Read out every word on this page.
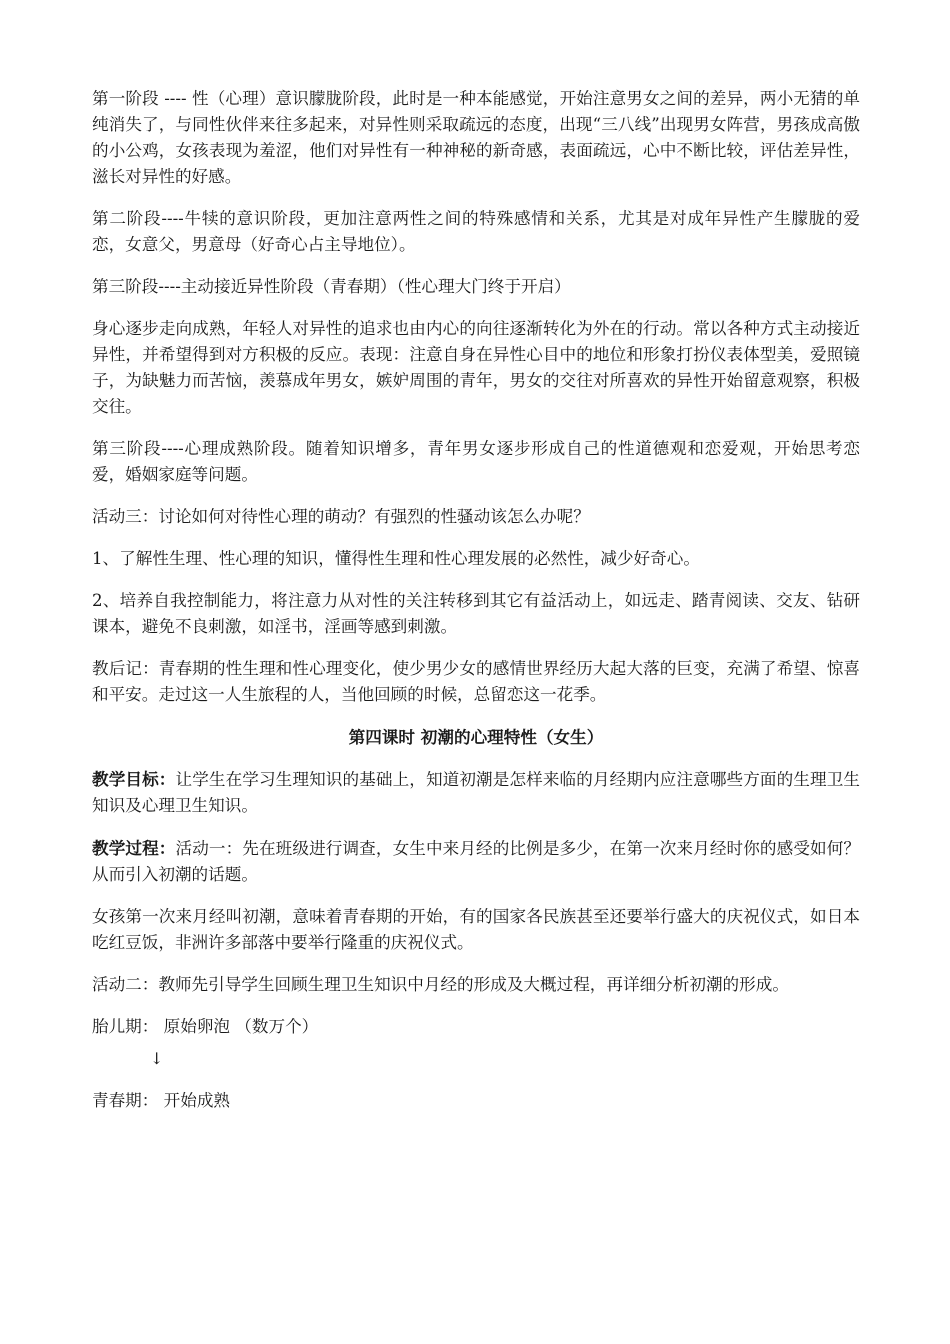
第一阶段 ---- 性（心理）意识朦胧阶段，此时是一种本能感觉，开始注意男女之间的差异，两小无猜的单纯消失了，与同性伙伴来往多起来，对异性则采取疏远的态度，出现“三八线”出现男女阵营，男孩成高傲的小公鸡，女孩表现为羞涩，他们对异性有一种神秘的新奇感，表面疏远，心中不断比较，评估差异性，滋长对异性的好感。

第二阶段----牛犊的意识阶段，更加注意两性之间的特殊感情和关系，尤其是对成年异性产生朦胧的爱恋，女意父，男意母（好奇心占主导地位）。

第三阶段----主动接近异性阶段（青春期）（性心理大门终于开启）

身心逐步走向成熟，年轻人对异性的追求也由内心的向往逐渐转化为外在的行动。常以各种方式主动接近异性，并希望得到对方积极的反应。表现：注意自身在异性心目中的地位和形象打扮仪表体型美，爱照镜子，为缺魅力而苦恼，羡慕成年男女，嫉妒周围的青年，男女的交往对所喜欢的异性开始留意观察，积极交往。

第三阶段----心理成熟阶段。随着知识增多，青年男女逐步形成自己的性道德观和恋爱观，开始思考恋爱，婚姻家庭等问题。

活动三：讨论如何对待性心理的萌动？有强烈的性骚动该怎么办呢？

1、了解性生理、性心理的知识，懂得性生理和性心理发展的必然性，减少好奇心。

2、培养自我控制能力，将注意力从对性的关注转移到其它有益活动上，如远走、踏青阅读、交友、钻研课本，避免不良刺激，如淫书，淫画等感到刺激。

教后记：青春期的性生理和性心理变化，使少男少女的感情世界经历大起大落的巨变，充满了希望、惊喜和平安。走过这一人生旅程的人，当他回顾的时候，总留恋这一花季。

第四课时 初潮的心理特性（女生）

教学目标：让学生在学习生理知识的基础上，知道初潮是怎样来临的月经期内应注意哪些方面的生理卫生知识及心理卫生知识。

教学过程：活动一：先在班级进行调查，女生中来月经的比例是多少，在第一次来月经时你的感受如何？从而引入初潮的话题。

女孩第一次来月经叫初潮，意味着青春期的开始，有的国家各民族甚至还要举行盛大的庆祝仪式，如日本吃红豆饭，非洲许多部落中要举行隆重的庆祝仪式。

活动二：教师先引导学生回顾生理卫生知识中月经的形成及大概过程，再详细分析初潮的形成。

胎儿期： 原始卵泡 （数万个）

↓

青春期： 开始成熟
